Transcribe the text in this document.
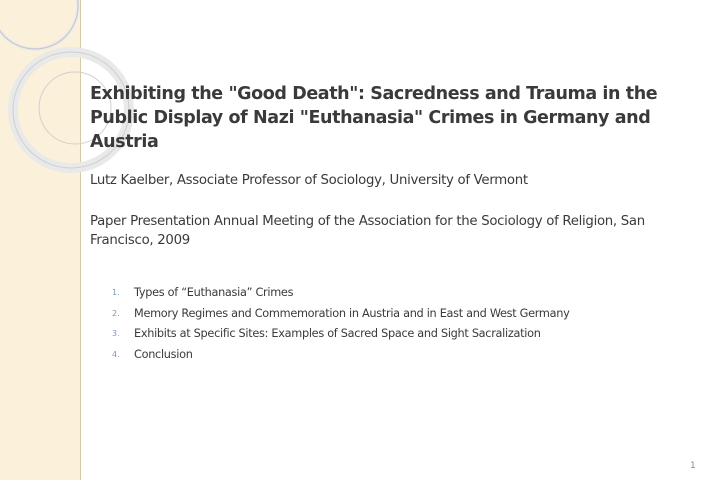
Exhibiting the "Good Death": Sacredness and Trauma in the Public Display of Nazi "Euthanasia" Crimes in Germany and Austria

Lutz Kaelber, Associate Professor of Sociology, University of Vermont

Paper Presentation Annual Meeting of the Association for the Sociology of Religion, San Francisco, 2009

1.	Types of “Euthanasia” Crimes
2.	Memory Regimes and Commemoration in Austria and in East and West Germany
3.	Exhibits at Specific Sites: Examples of Sacred Space and Sight Sacralization
4.	Conclusion
1
